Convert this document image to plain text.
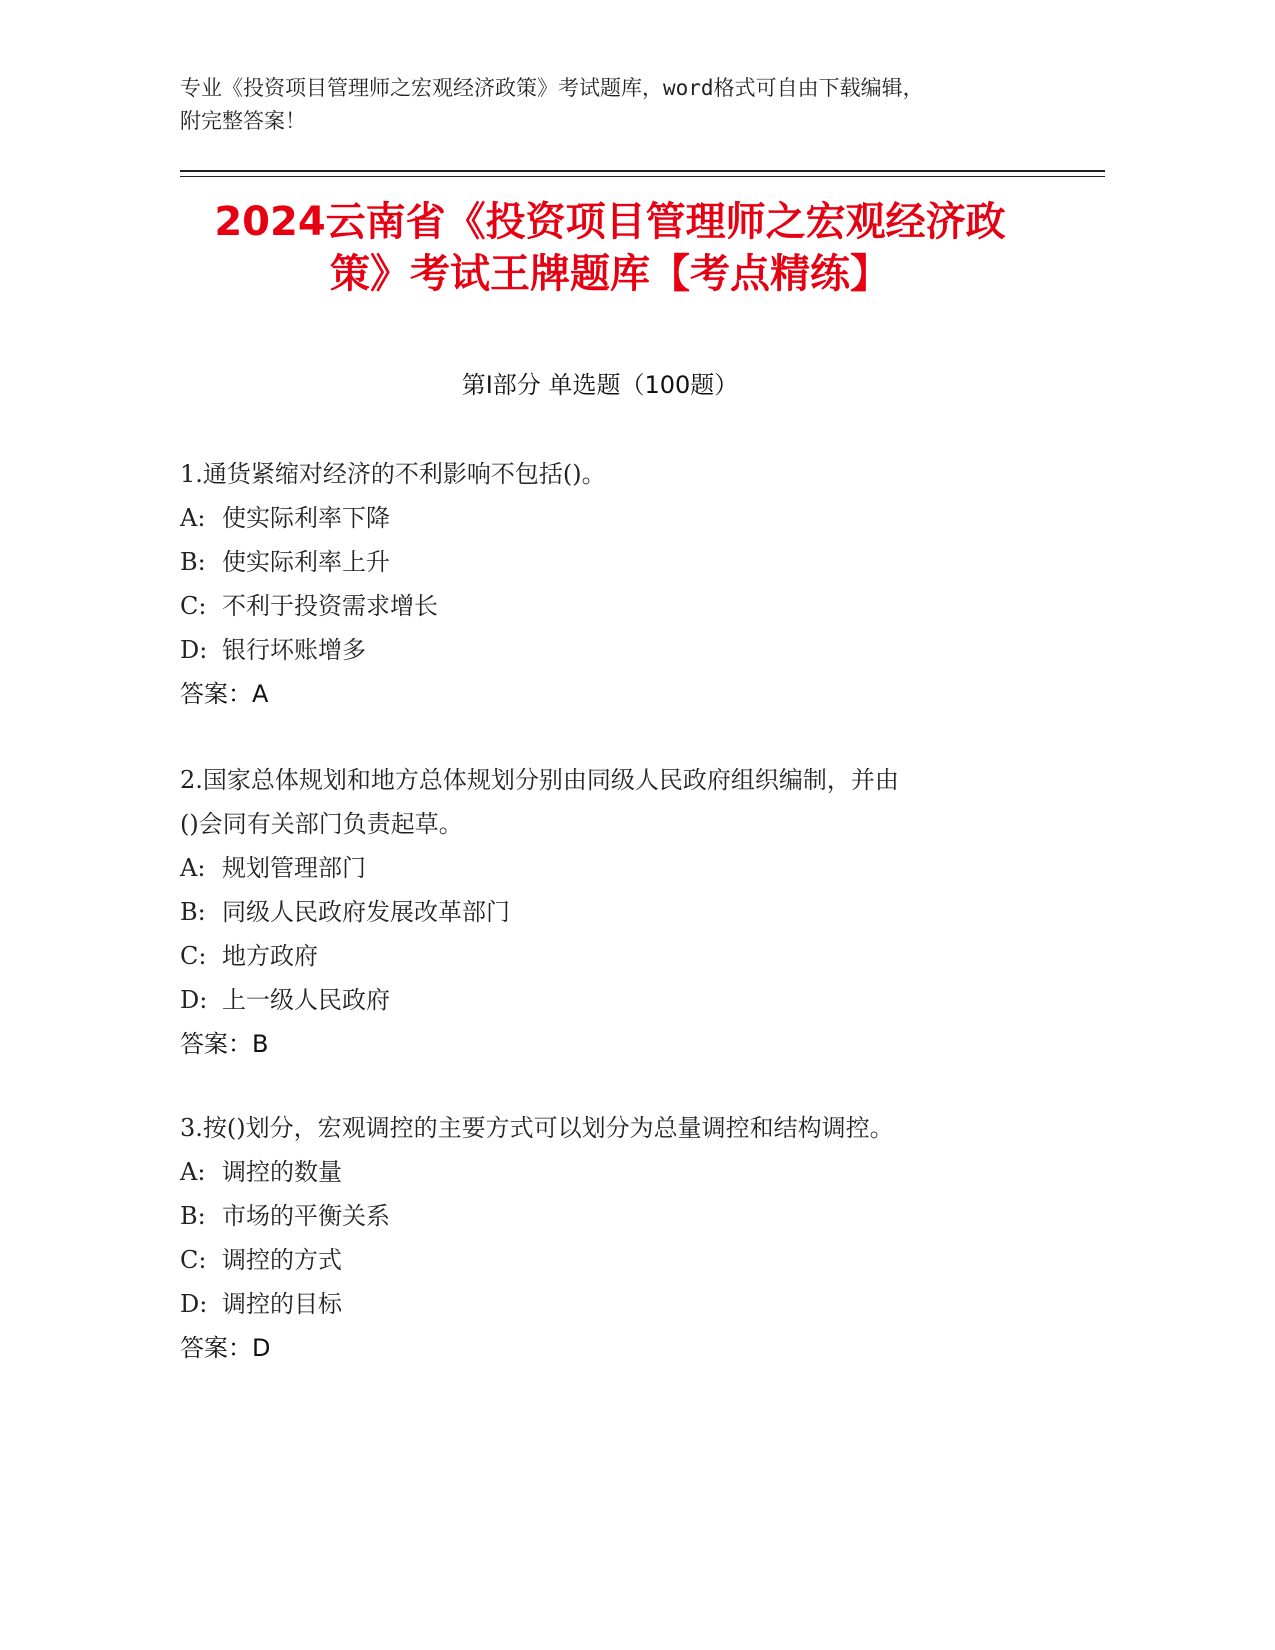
专业《投资项目管理师之宏观经济政策》考试题库，word格式可自由下载编辑，
附完整答案！
2024云南省《投资项目管理师之宏观经济政
策》考试王牌题库【考点精练】
第Ⅰ部分 单选题（100题）
1.通货紧缩对经济的不利影响不包括()。
A: 使实际利率下降
B: 使实际利率上升
C: 不利于投资需求增长
D: 银行坏账增多
答案：A
2.国家总体规划和地方总体规划分别由同级人民政府组织编制，并由
()会同有关部门负责起草。
A: 规划管理部门
B: 同级人民政府发展改革部门
C: 地方政府
D: 上一级人民政府
答案：B
3.按()划分，宏观调控的主要方式可以划分为总量调控和结构调控。
A: 调控的数量
B: 市场的平衡关系
C: 调控的方式
D: 调控的目标
答案：D
